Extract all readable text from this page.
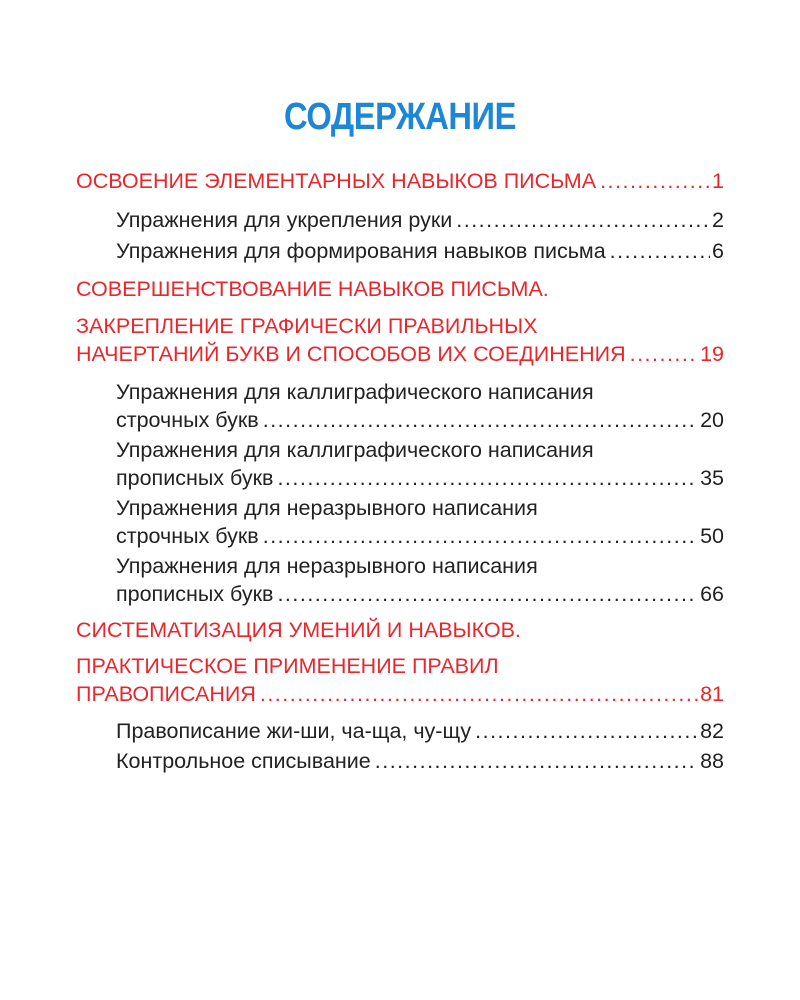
СОДЕРЖАНИЕ
ОСВОЕНИЕ ЭЛЕМЕНТАРНЫХ НАВЫКОВ ПИСЬМА .....	1
Упражнения для укрепления руки .....	2
Упражнения для формирования навыков письма .....	6
СОВЕРШЕНСТВОВАНИЕ НАВЫКОВ ПИСЬМА.
ЗАКРЕПЛЕНИЕ ГРАФИЧЕСКИ ПРАВИЛЬНЫХ
НАЧЕРТАНИЙ БУКВ И СПОСОБОВ ИХ СОЕДИНЕНИЯ .....	19
Упражнения для каллиграфического написания
строчных букв .....	20
Упражнения для каллиграфического написания
прописных букв .....	35
Упражнения для неразрывного написания
строчных букв .....	50
Упражнения для неразрывного написания
прописных букв .....	66
СИСТЕМАТИЗАЦИЯ УМЕНИЙ И НАВЫКОВ.
ПРАКТИЧЕСКОЕ ПРИМЕНЕНИЕ ПРАВИЛ
ПРАВОПИСАНИЯ .....	81
Правописание жи-ши, ча-ща, чу-щу .....	82
Контрольное списывание .....	88
